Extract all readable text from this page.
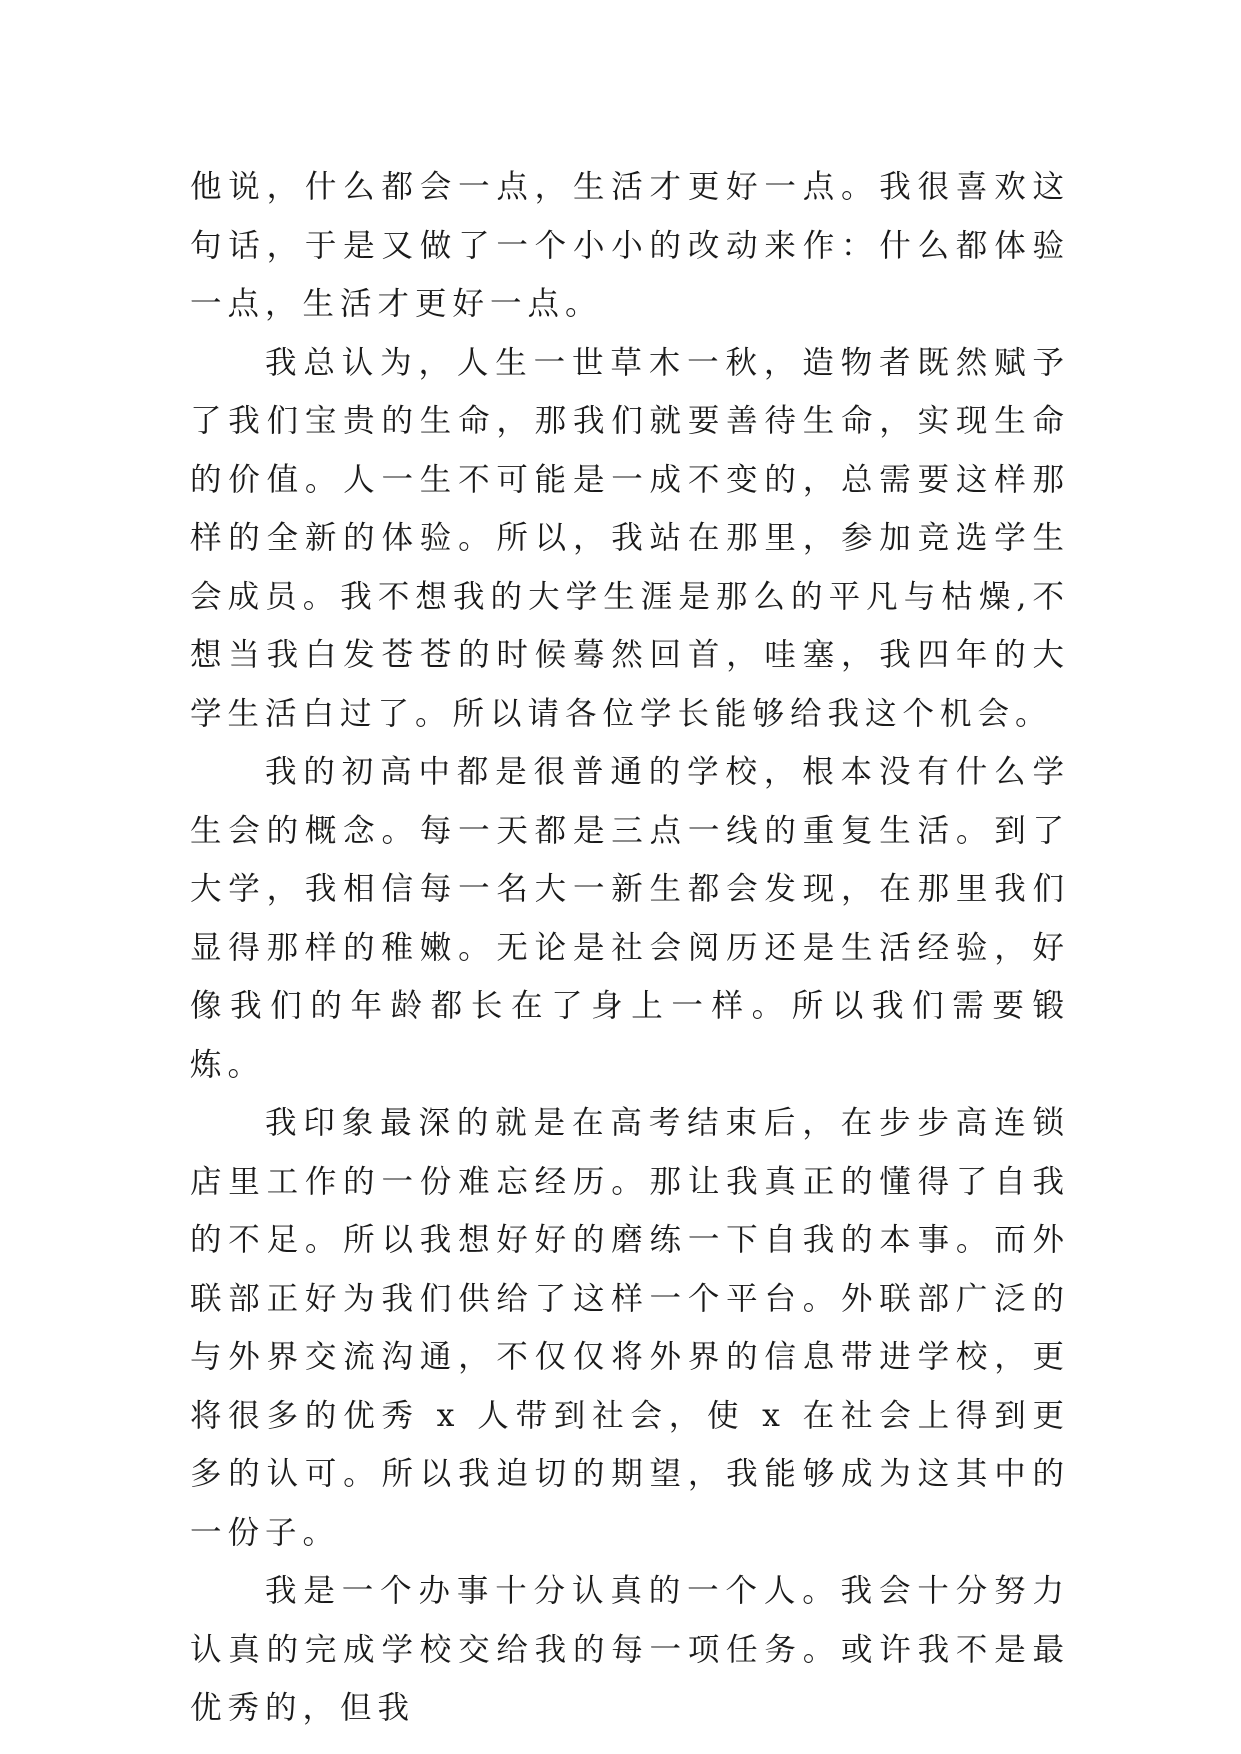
他说，什么都会一点，生活才更好一点。我很喜欢这句话，于是又做了一个小小的改动来作：什么都体验一点，生活才更好一点。

我总认为，人生一世草木一秋，造物者既然赋予了我们宝贵的生命，那我们就要善待生命，实现生命的价值。人一生不可能是一成不变的，总需要这样那样的全新的体验。所以，我站在那里，参加竞选学生会成员。我不想我的大学生涯是那么的平凡与枯燥,不想当我白发苍苍的时候蓦然回首，哇塞，我四年的大学生活白过了。所以请各位学长能够给我这个机会。

我的初高中都是很普通的学校，根本没有什么学生会的概念。每一天都是三点一线的重复生活。到了大学，我相信每一名大一新生都会发现，在那里我们显得那样的稚嫩。无论是社会阅历还是生活经验，好像我们的年龄都长在了身上一样。所以我们需要锻炼。

我印象最深的就是在高考结束后，在步步高连锁店里工作的一份难忘经历。那让我真正的懂得了自我的不足。所以我想好好的磨练一下自我的本事。而外联部正好为我们供给了这样一个平台。外联部广泛的与外界交流沟通，不仅仅将外界的信息带进学校，更将很多的优秀 x 人带到社会，使 x 在社会上得到更多的认可。所以我迫切的期望，我能够成为这其中的一份子。

我是一个办事十分认真的一个人。我会十分努力认真的完成学校交给我的每一项任务。或许我不是最优秀的，但我
